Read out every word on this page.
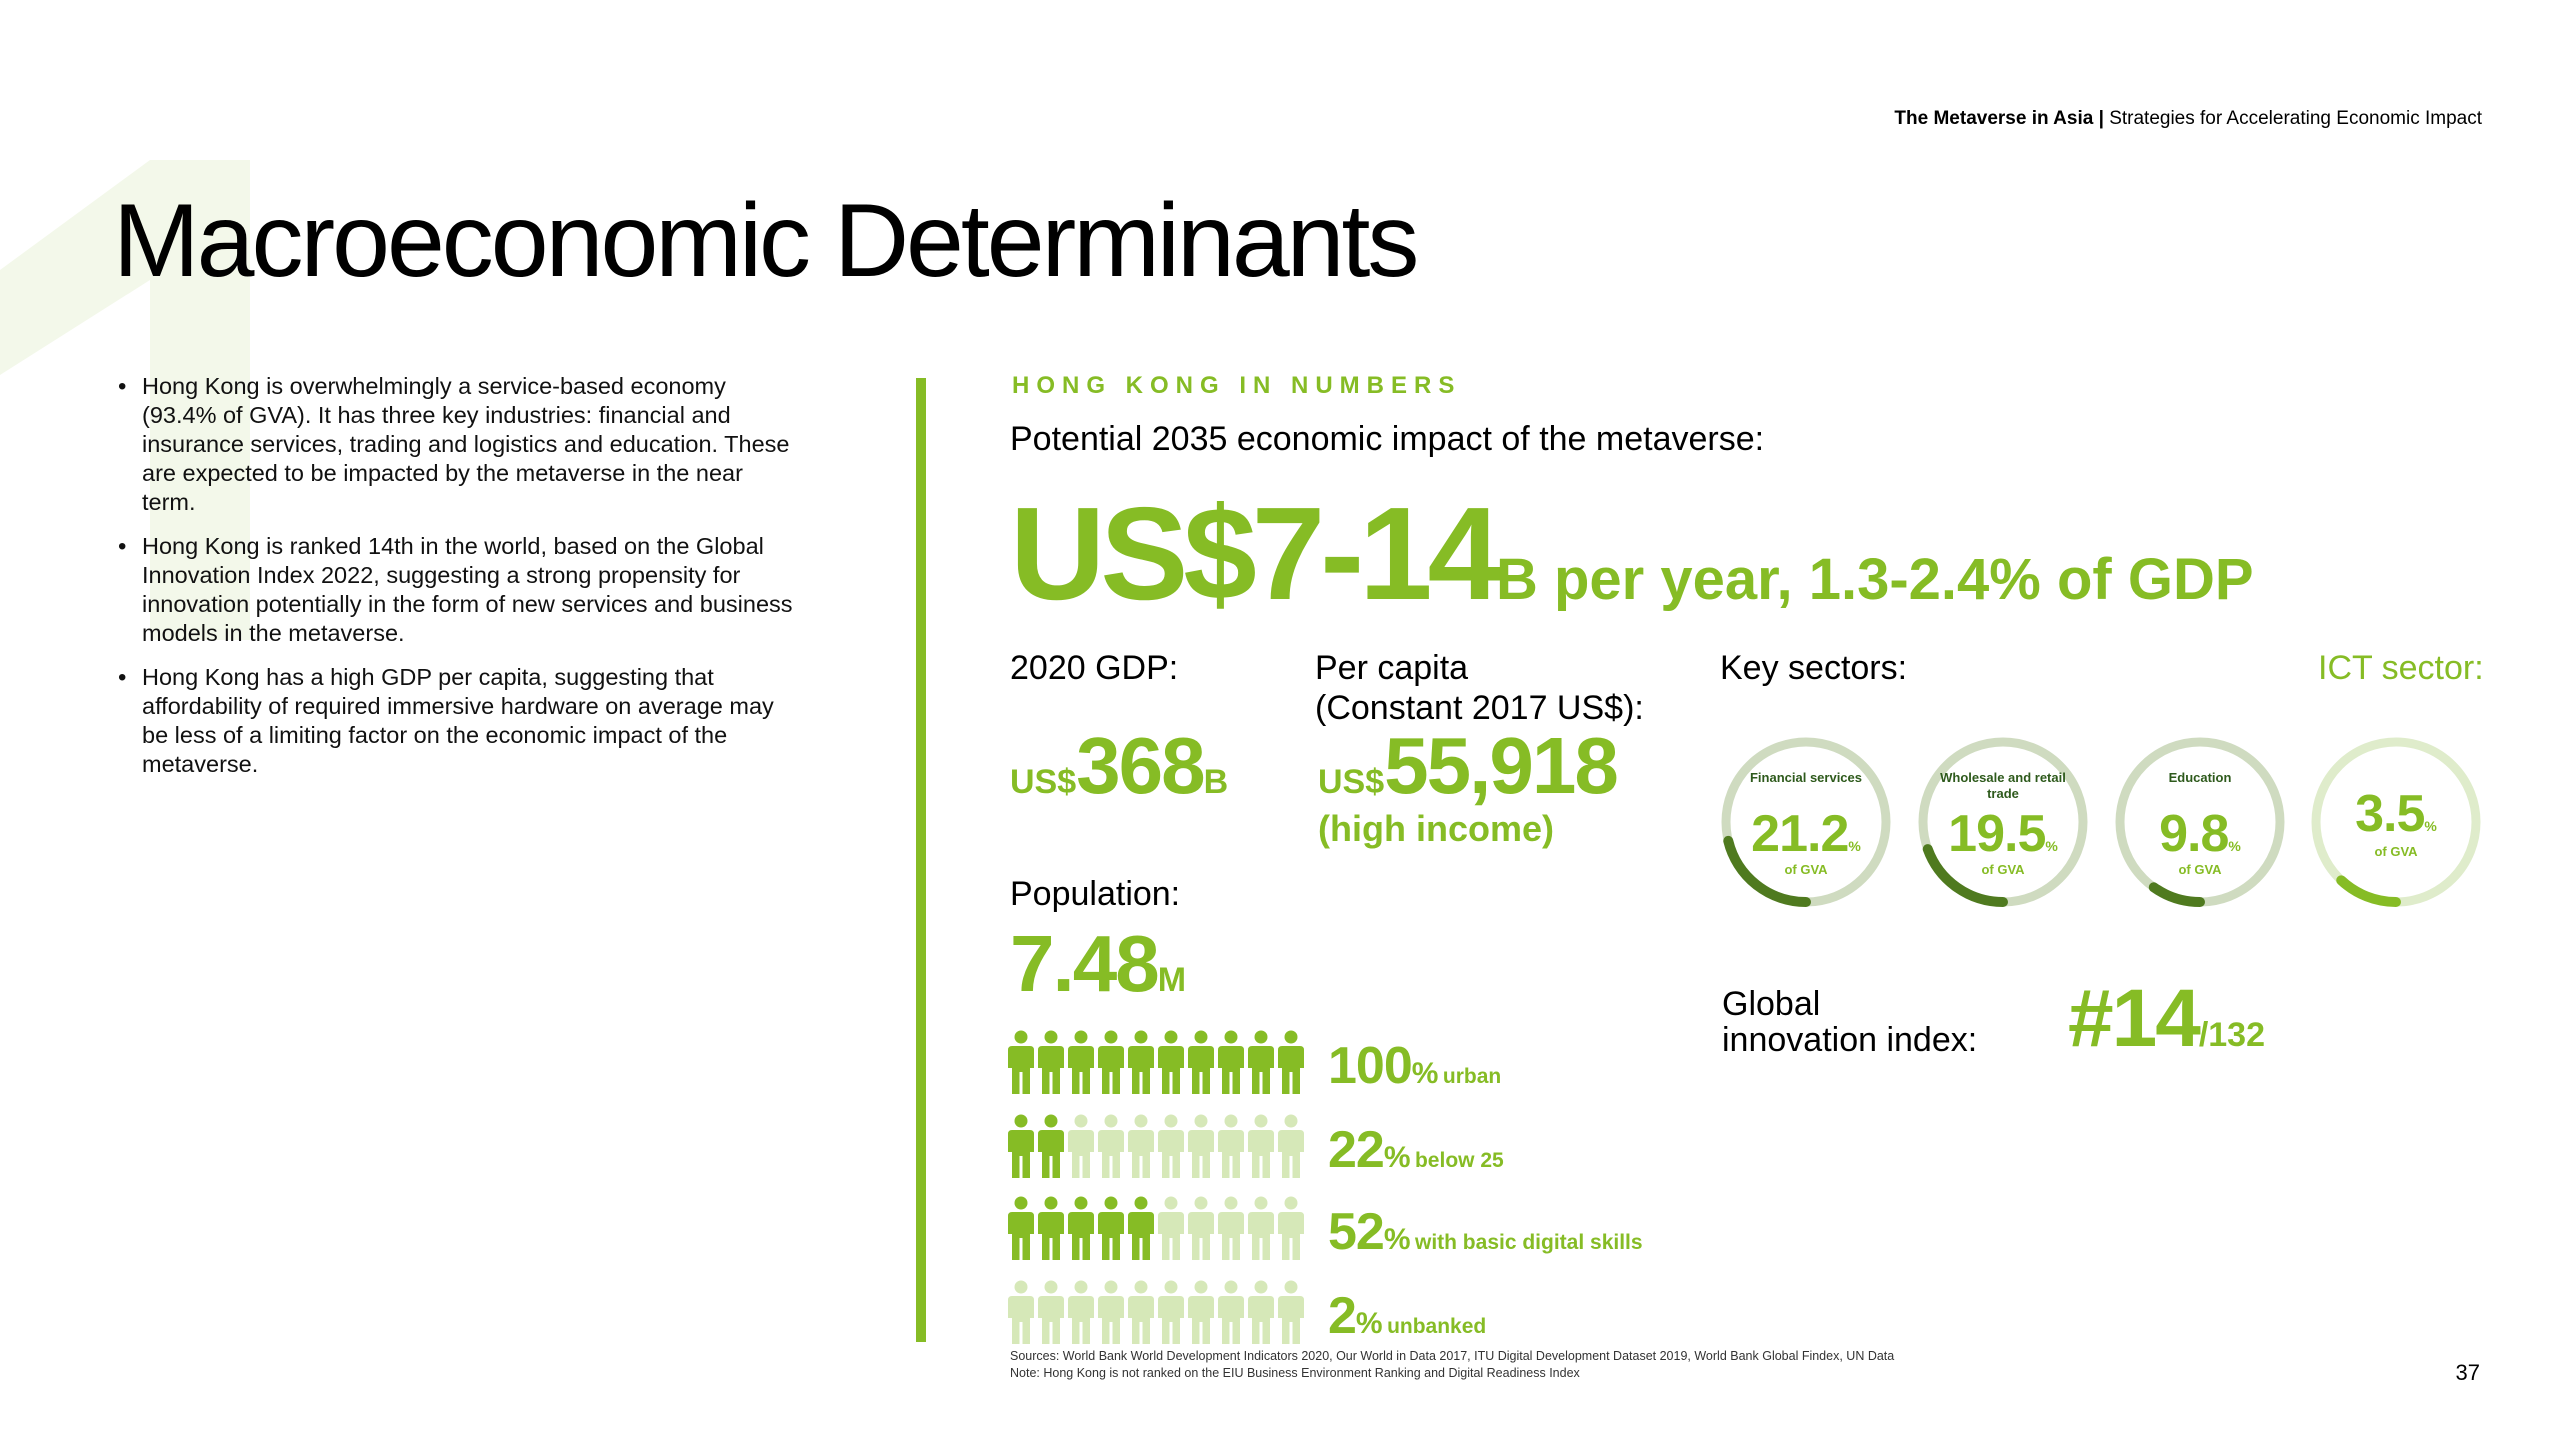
The Metaverse in Asia | Strategies for Accelerating Economic Impact
Macroeconomic Determinants
• Hong Kong is overwhelmingly a service-based economy (93.4% of GVA). It has three key industries: financial and insurance services, trading and logistics and education. These are expected to be impacted by the metaverse in the near term.
• Hong Kong is ranked 14th in the world, based on the Global Innovation Index 2022, suggesting a strong propensity for innovation potentially in the form of new services and business models in the metaverse.
• Hong Kong has a high GDP per capita, suggesting that affordability of required immersive hardware on average may be less of a limiting factor on the economic impact of the metaverse.
HONG KONG IN NUMBERS
Potential 2035 economic impact of the metaverse:
US$7-14B per year, 1.3-2.4% of GDP
2020 GDP:
US$368B
Per capita
(Constant 2017 US$):
US$55,918
(high income)
Population:
7.48M
Key sectors:	ICT sector:
Financial services
21.2%
of GVA
Wholesale and retail trade
19.5%
of GVA
Education
9.8%
of GVA
3.5%
of GVA
Global
innovation index: #14/132
100% urban
22% below 25
52% with basic digital skills
2% unbanked
Sources: World Bank World Development Indicators 2020, Our World in Data 2017, ITU Digital Development Dataset 2019, World Bank Global Findex, UN Data
Note: Hong Kong is not ranked on the EIU Business Environment Ranking and Digital Readiness Index	37
